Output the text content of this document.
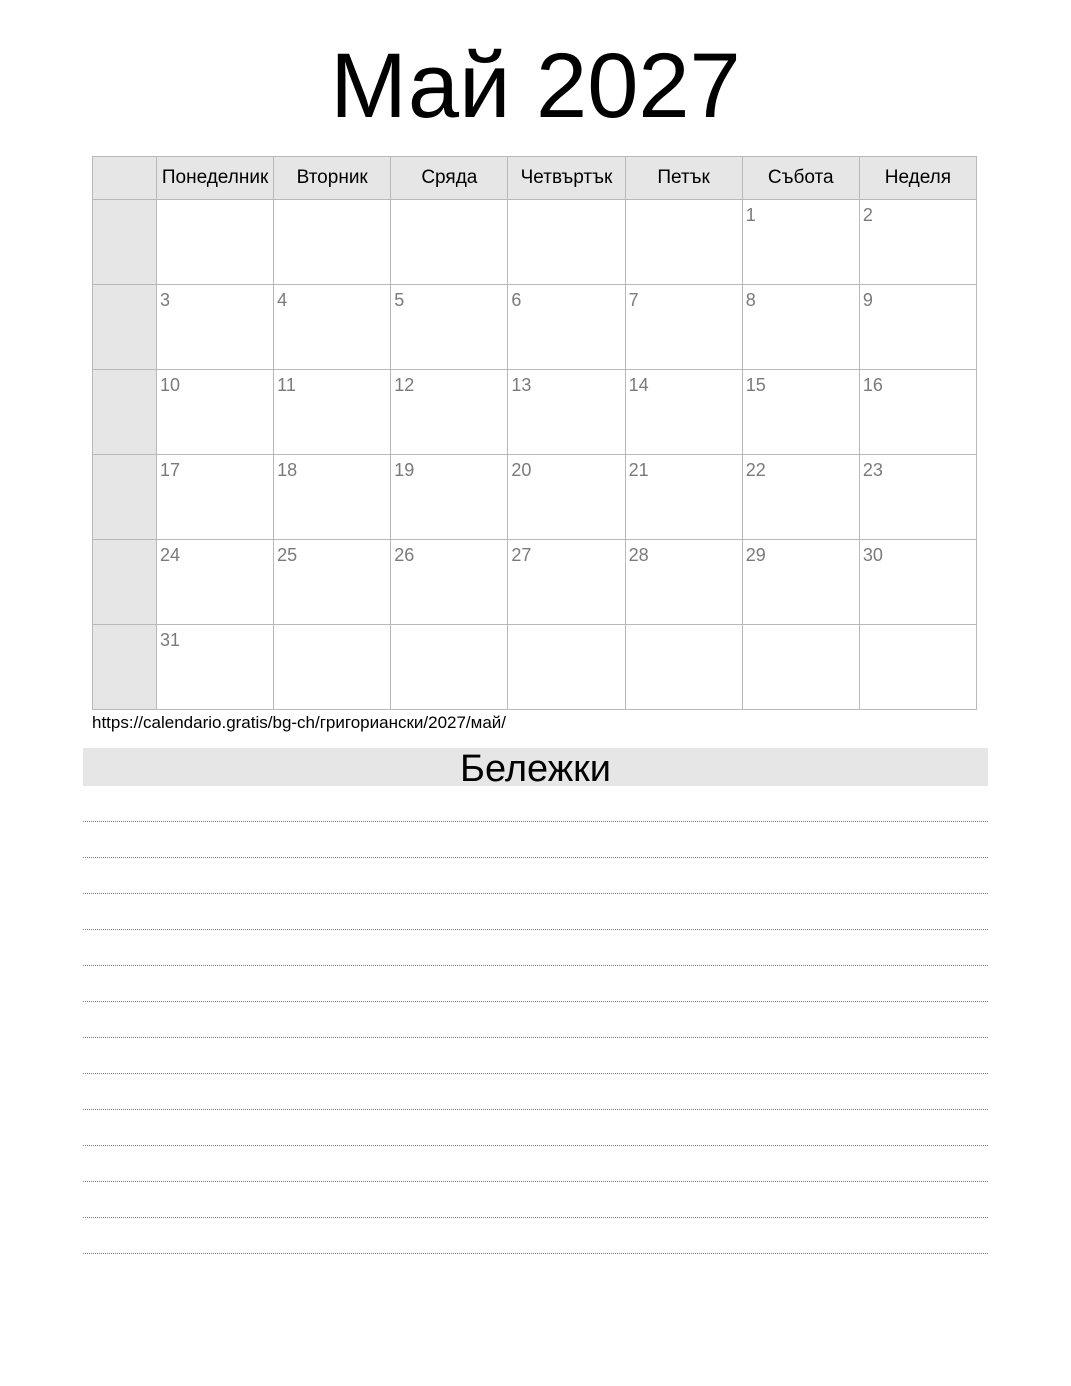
Май 2027
	Понеделник	Вторник	Сряда	Четвъртък	Петък	Събота	Неделя

						1	2

	3	4	5	6	7	8	9

	10	11	12	13	14	15	16

	17	18	19	20	21	22	23

	24	25	26	27	28	29	30

	31						

https://calendario.gratis/bg-ch/григориански/2027/май/
Бележки
